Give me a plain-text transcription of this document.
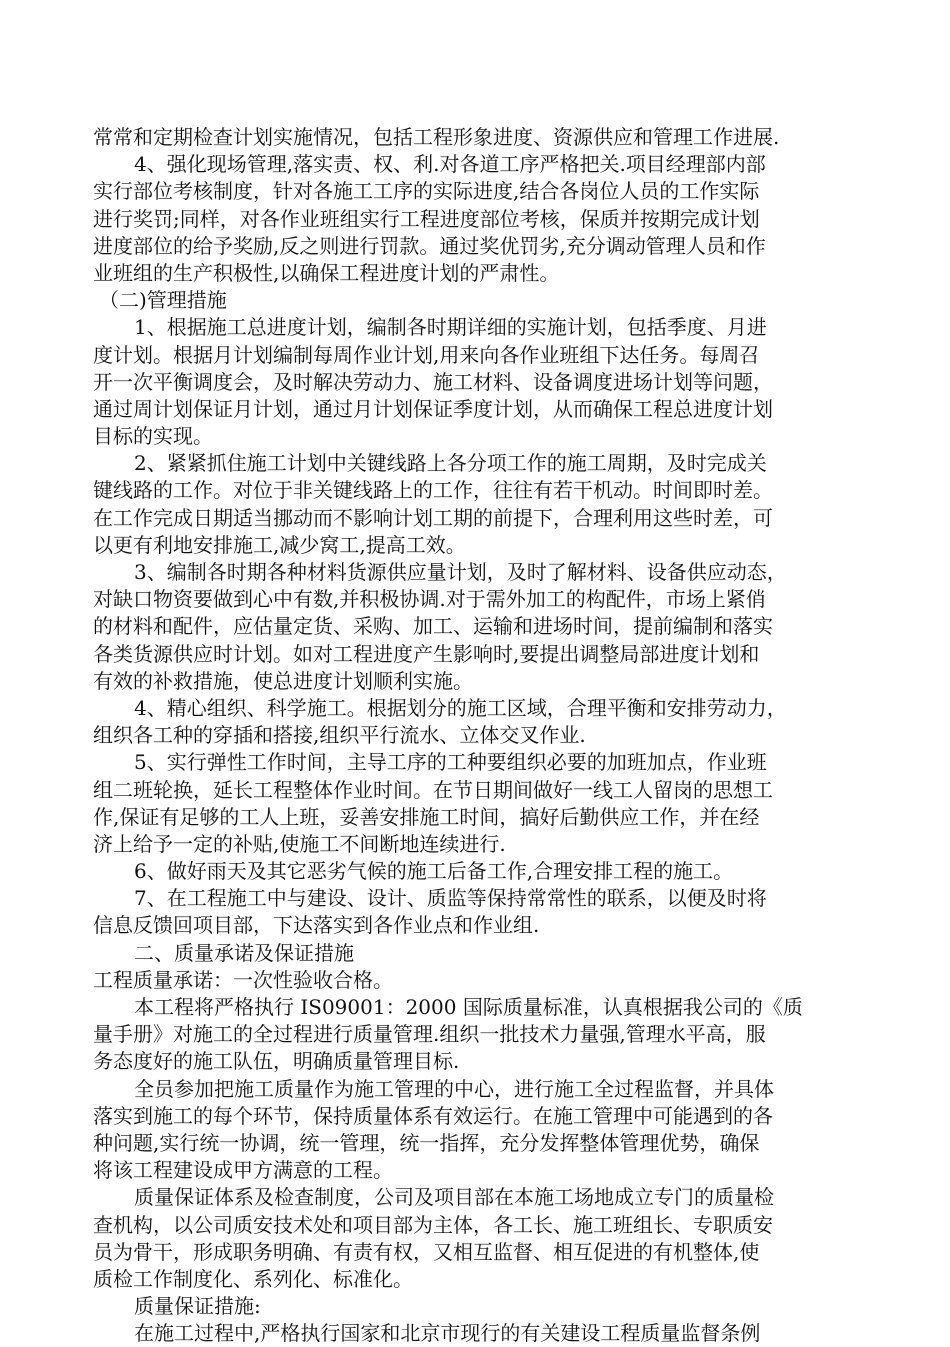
常常和定期检查计划实施情况，包括工程形象进度、资源供应和管理工作进展.
4、强化现场管理,落实责、权、利.对各道工序严格把关.项目经理部内部
实行部位考核制度，针对各施工工序的实际进度,结合各岗位人员的工作实际
进行奖罚;同样，对各作业班组实行工程进度部位考核，保质并按期完成计划
进度部位的给予奖励,反之则进行罚款。通过奖优罚劣,充分调动管理人员和作
业班组的生产积极性,以确保工程进度计划的严肃性。
（二)管理措施
1、根据施工总进度计划，编制各时期详细的实施计划，包括季度、月进
度计划。根据月计划编制每周作业计划,用来向各作业班组下达任务。每周召
开一次平衡调度会，及时解决劳动力、施工材料、设备调度进场计划等问题，
通过周计划保证月计划，通过月计划保证季度计划，从而确保工程总进度计划
目标的实现。
2、紧紧抓住施工计划中关键线路上各分项工作的施工周期，及时完成关
键线路的工作。对位于非关键线路上的工作，往往有若干机动。时间即时差。
在工作完成日期适当挪动而不影响计划工期的前提下，合理利用这些时差，可
以更有利地安排施工,减少窝工,提高工效。
3、编制各时期各种材料货源供应量计划，及时了解材料、设备供应动态，
对缺口物资要做到心中有数,并积极协调.对于需外加工的构配件，市场上紧俏
的材料和配件，应估量定货、采购、加工、运输和进场时间，提前编制和落实
各类货源供应时计划。如对工程进度产生影响时,要提出调整局部进度计划和
有效的补救措施，使总进度计划顺利实施。
4、精心组织、科学施工。根据划分的施工区域，合理平衡和安排劳动力，
组织各工种的穿插和搭接,组织平行流水、立体交叉作业.
5、实行弹性工作时间，主导工序的工种要组织必要的加班加点，作业班
组二班轮换，延长工程整体作业时间。在节日期间做好一线工人留岗的思想工
作,保证有足够的工人上班，妥善安排施工时间，搞好后勤供应工作，并在经
济上给予一定的补贴,使施工不间断地连续进行.
6、做好雨天及其它恶劣气候的施工后备工作,合理安排工程的施工。
7、在工程施工中与建设、设计、质监等保持常常性的联系，以便及时将
信息反馈回项目部，下达落实到各作业点和作业组.
二、质量承诺及保证措施
工程质量承诺：一次性验收合格。
本工程将严格执行 IS09001：2000 国际质量标准，认真根据我公司的《质
量手册》对施工的全过程进行质量管理.组织一批技术力量强,管理水平高，服
务态度好的施工队伍，明确质量管理目标.
全员参加把施工质量作为施工管理的中心，进行施工全过程监督，并具体
落实到施工的每个环节，保持质量体系有效运行。在施工管理中可能遇到的各
种问题,实行统一协调，统一管理，统一指挥，充分发挥整体管理优势，确保
将该工程建设成甲方满意的工程。
质量保证体系及检查制度，公司及项目部在本施工场地成立专门的质量检
查机构，以公司质安技术处和项目部为主体，各工长、施工班组长、专职质安
员为骨干，形成职务明确、有责有权，又相互监督、相互促进的有机整体,使
质检工作制度化、系列化、标准化。
质量保证措施:
在施工过程中,严格执行国家和北京市现行的有关建设工程质量监督条例
